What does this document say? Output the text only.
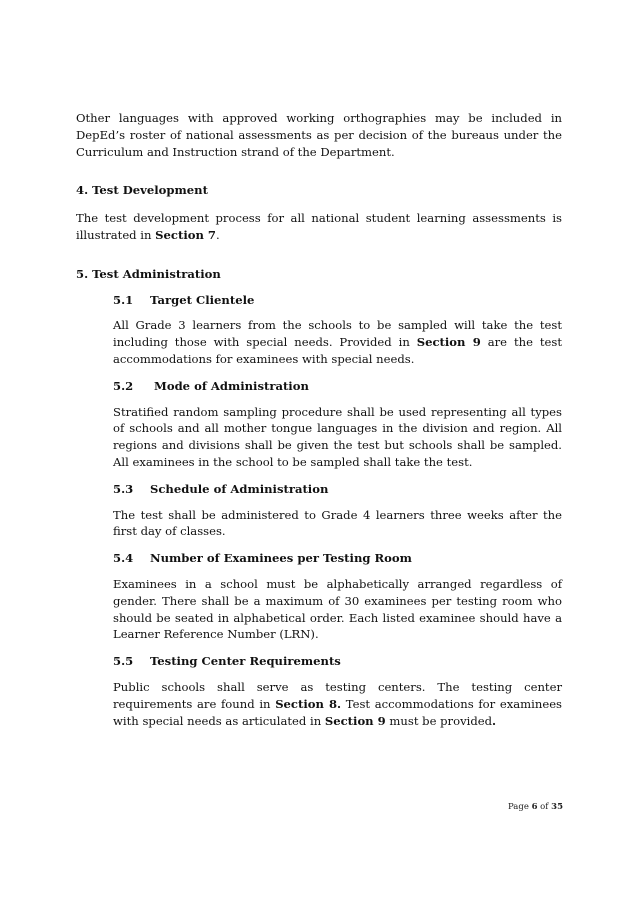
Other languages with approved working orthographies may be included in DepEd’s roster of national assessments as per decision of the bureaus under the Curriculum and Instruction strand of the Department.

4. Test Development

The test development process for all national student learning assessments is illustrated in Section 7.

5. Test Administration
5.1	Target Clientele

All Grade 3 learners from the schools to be sampled will take the test including those with special needs. Provided in Section 9 are the test accommodations for examinees with special needs.

5.2	Mode of Administration

Stratified random sampling procedure shall be used representing all types of schools and all mother tongue languages in the division and region. All regions and divisions shall be given the test but schools shall be sampled. All examinees in the school to be sampled shall take the test.

5.3	Schedule of Administration

The test shall be administered to Grade 4 learners three weeks after the first day of classes.

5.4	Number of Examinees per Testing Room

Examinees in a school must be alphabetically arranged regardless of gender. There shall be a maximum of 30 examinees per testing room who should be seated in alphabetical order. Each listed examinee should have a Learner Reference Number (LRN).

5.5	Testing Center Requirements

Public schools shall serve as testing centers. The testing center requirements are found in Section 8. Test accommodations for examinees with special needs as articulated in Section 9 must be provided.

Page 6 of 35
